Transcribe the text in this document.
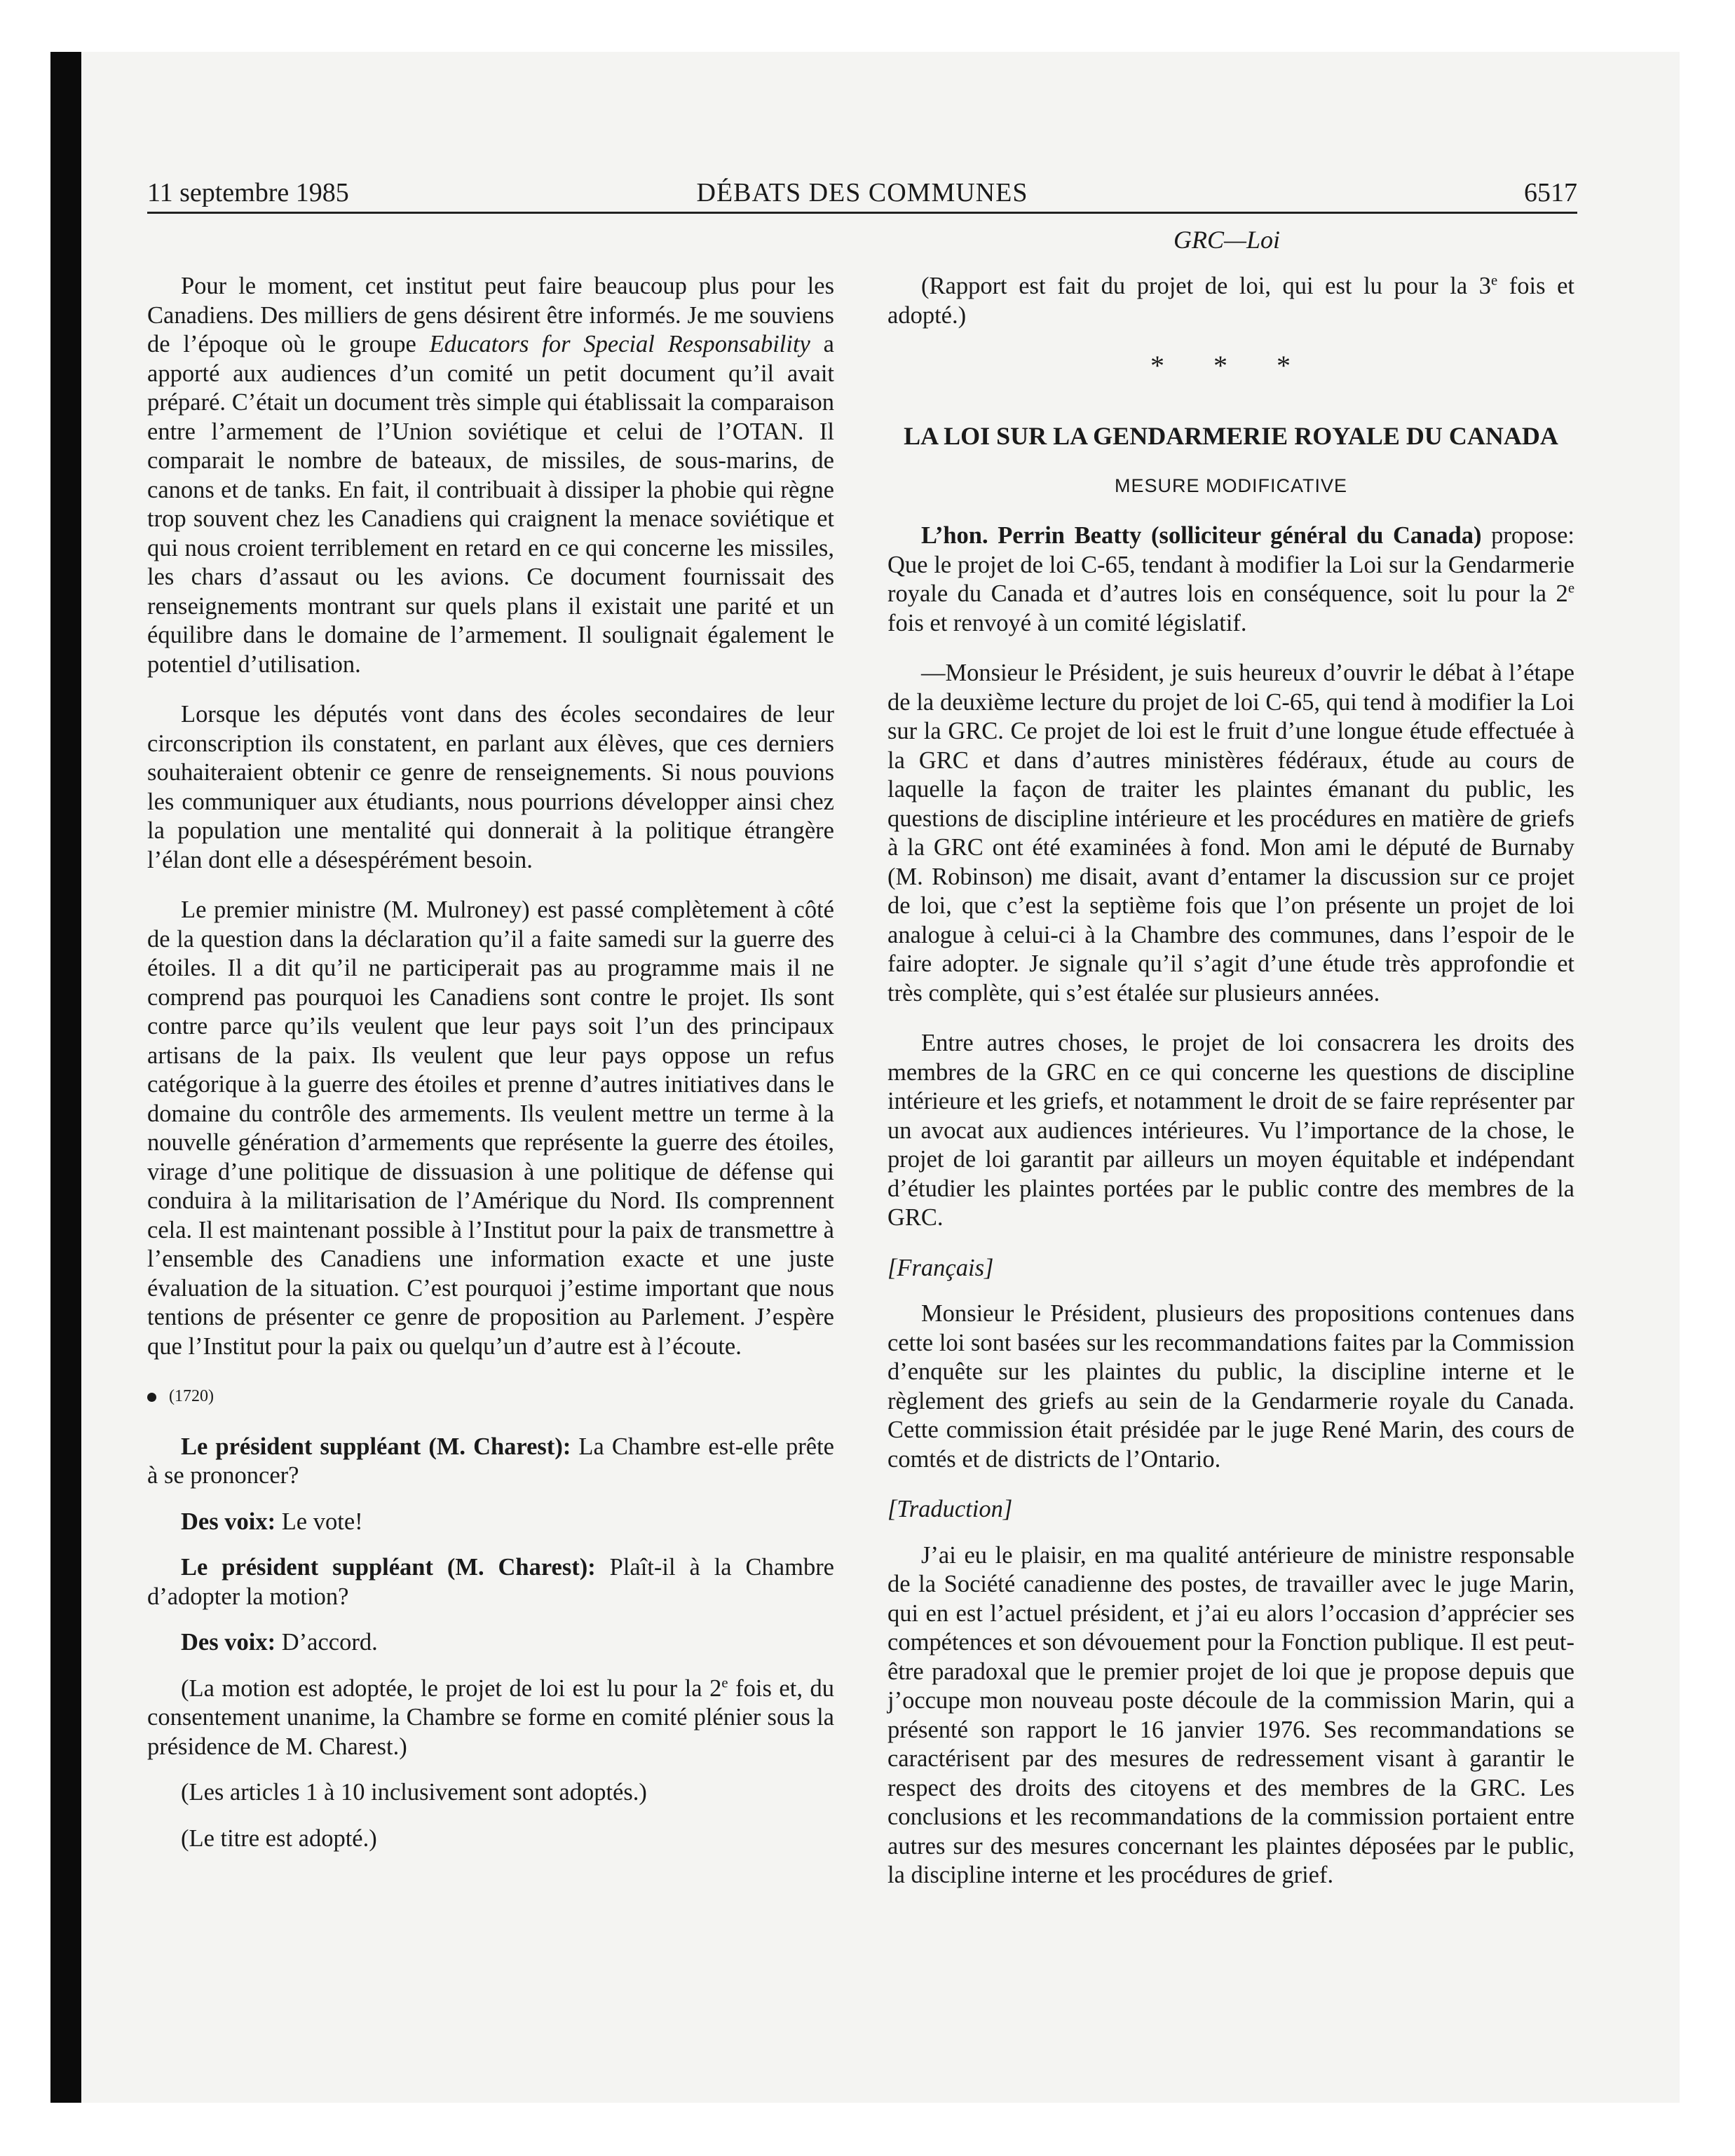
DÉBATS DES COMMUNES
11 septembre 1985	6517
GRC—Loi

Pour le moment, cet institut peut faire beaucoup plus pour les Canadiens. Des milliers de gens désirent être informés. Je me souviens de l’époque où le groupe Educators for Special Responsability a apporté aux audiences d’un comité un petit document qu’il avait préparé. C’était un document très simple qui établissait la comparaison entre l’armement de l’Union soviétique et celui de l’OTAN. Il comparait le nombre de bateaux, de missiles, de sous-marins, de canons et de tanks. En fait, il contribuait à dissiper la phobie qui règne trop souvent chez les Canadiens qui craignent la menace soviétique et qui nous croient terriblement en retard en ce qui concerne les missiles, les chars d’assaut ou les avions. Ce document fournissait des renseignements montrant sur quels plans il existait une parité et un équilibre dans le domaine de l’armement. Il soulignait également le potentiel d’utilisation.

Lorsque les députés vont dans des écoles secondaires de leur circonscription ils constatent, en parlant aux élèves, que ces derniers souhaiteraient obtenir ce genre de renseignements. Si nous pouvions les communiquer aux étudiants, nous pourrions développer ainsi chez la population une mentalité qui donnerait à la politique étrangère l’élan dont elle a désespérément besoin.

Le premier ministre (M. Mulroney) est passé complètement à côté de la question dans la déclaration qu’il a faite samedi sur la guerre des étoiles. Il a dit qu’il ne participerait pas au programme mais il ne comprend pas pourquoi les Canadiens sont contre le projet. Ils sont contre parce qu’ils veulent que leur pays soit l’un des principaux artisans de la paix. Ils veulent que leur pays oppose un refus catégorique à la guerre des étoiles et prenne d’autres initiatives dans le domaine du contrôle des armements. Ils veulent mettre un terme à la nouvelle génération d’armements que représente la guerre des étoiles, virage d’une politique de dissuasion à une politique de défense qui conduira à la militarisation de l’Amérique du Nord. Ils comprennent cela. Il est maintenant possible à l’Institut pour la paix de transmettre à l’ensemble des Canadiens une information exacte et une juste évaluation de la situation. C’est pourquoi j’estime important que nous tentions de présenter ce genre de proposition au Parlement. J’espère que l’Institut pour la paix ou quelqu’un d’autre est à l’écoute.

(1720)

Le président suppléant (M. Charest): La Chambre est-elle prête à se prononcer?

Des voix: Le vote!

Le président suppléant (M. Charest): Plaît-il à la Chambre d’adopter la motion?

Des voix: D’accord.

(La motion est adoptée, le projet de loi est lu pour la 2e fois et, du consentement unanime, la Chambre se forme en comité plénier sous la présidence de M. Charest.)

(Les articles 1 à 10 inclusivement sont adoptés.)

(Le titre est adopté.)

(Rapport est fait du projet de loi, qui est lu pour la 3e fois et adopté.)

* * *
LA LOI SUR LA GENDARMERIE ROYALE DU CANADA
MESURE MODIFICATIVE

L’hon. Perrin Beatty (solliciteur général du Canada) propose: Que le projet de loi C-65, tendant à modifier la Loi sur la Gendarmerie royale du Canada et d’autres lois en conséquence, soit lu pour la 2e fois et renvoyé à un comité législatif.

—Monsieur le Président, je suis heureux d’ouvrir le débat à l’étape de la deuxième lecture du projet de loi C-65, qui tend à modifier la Loi sur la GRC. Ce projet de loi est le fruit d’une longue étude effectuée à la GRC et dans d’autres ministères fédéraux, étude au cours de laquelle la façon de traiter les plaintes émanant du public, les questions de discipline intérieure et les procédures en matière de griefs à la GRC ont été examinées à fond. Mon ami le député de Burnaby (M. Robinson) me disait, avant d’entamer la discussion sur ce projet de loi, que c’est la septième fois que l’on présente un projet de loi analogue à celui-ci à la Chambre des communes, dans l’espoir de le faire adopter. Je signale qu’il s’agit d’une étude très approfondie et très complète, qui s’est étalée sur plusieurs années.

Entre autres choses, le projet de loi consacrera les droits des membres de la GRC en ce qui concerne les questions de discipline intérieure et les griefs, et notamment le droit de se faire représenter par un avocat aux audiences intérieures. Vu l’importance de la chose, le projet de loi garantit par ailleurs un moyen équitable et indépendant d’étudier les plaintes portées par le public contre des membres de la GRC.

[Français]

Monsieur le Président, plusieurs des propositions contenues dans cette loi sont basées sur les recommandations faites par la Commission d’enquête sur les plaintes du public, la discipline interne et le règlement des griefs au sein de la Gendarmerie royale du Canada. Cette commission était présidée par le juge René Marin, des cours de comtés et de districts de l’Ontario.

[Traduction]

J’ai eu le plaisir, en ma qualité antérieure de ministre responsable de la Société canadienne des postes, de travailler avec le juge Marin, qui en est l’actuel président, et j’ai eu alors l’occasion d’apprécier ses compétences et son dévouement pour la Fonction publique. Il est peut-être paradoxal que le premier projet de loi que je propose depuis que j’occupe mon nouveau poste découle de la commission Marin, qui a présenté son rapport le 16 janvier 1976. Ses recommandations se caractérisent par des mesures de redressement visant à garantir le respect des droits des citoyens et des membres de la GRC. Les conclusions et les recommandations de la commission portaient entre autres sur des mesures concernant les plaintes déposées par le public, la discipline interne et les procédures de grief.
